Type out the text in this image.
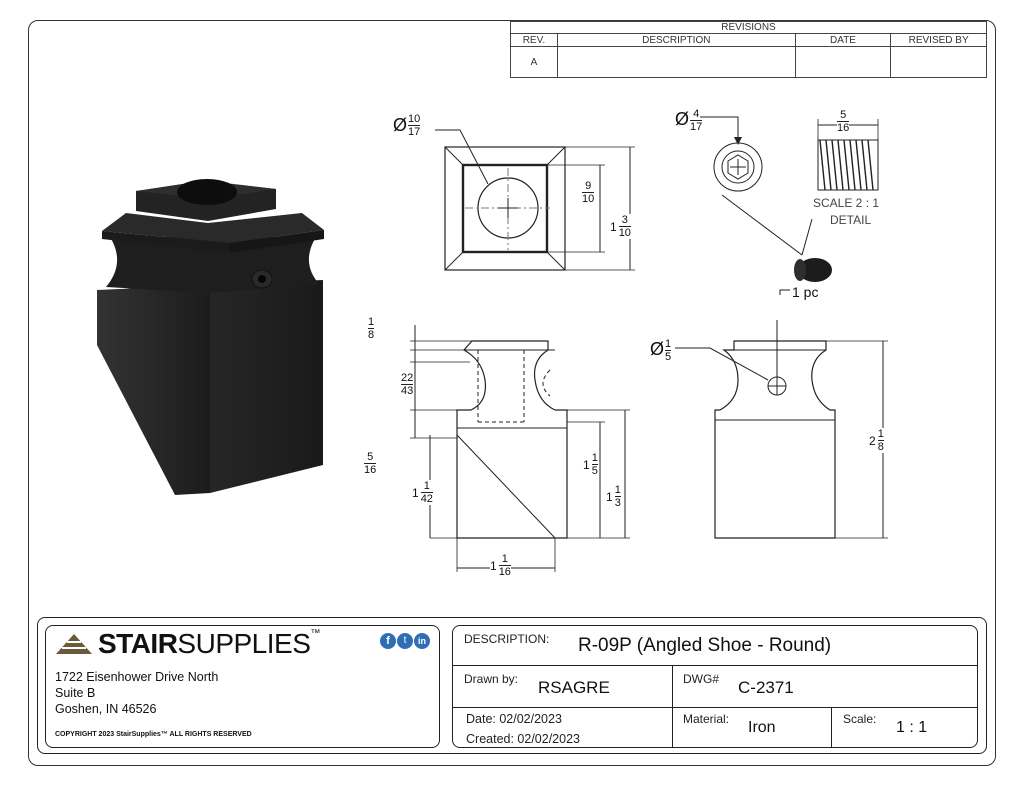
REVISIONS			
REV.	DESCRIPTION	DATE	REVISED BY
A			
Ø 10
17
9
10
1 3
10
Ø 4
17
5
16
SCALE 2 : 1
DETAIL
1 pc
1
8
22
43
5
16
1 1
42
1 1
5
1 1
3
1 1
16
Ø 1
5
2 1
8
STAIRSUPPLIES™
f	t	in
1722 Eisenhower Drive North
Suite B
Goshen, IN 46526
COPYRIGHT 2023 StairSupplies™ ALL RIGHTS RESERVED
DESCRIPTION: R-09P (Angled Shoe - Round)
Drawn by: RSAGRE	DWG# C-2371
Date: 02/02/2023
Created: 02/02/2023
Material: Iron	Scale: 1 : 1
